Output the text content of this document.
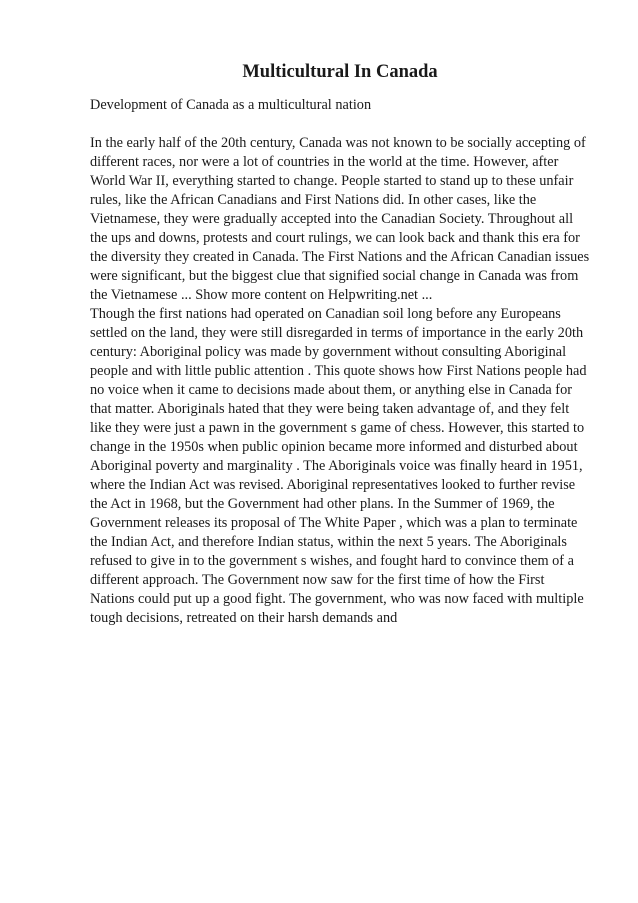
Multicultural In Canada

Development of Canada as a multicultural nation

In the early half of the 20th century, Canada was not known to be socially accepting of different races, nor were a lot of countries in the world at the time. However, after World War II, everything started to change. People started to stand up to these unfair rules, like the African Canadians and First Nations did. In other cases, like the Vietnamese, they were gradually accepted into the Canadian Society. Throughout all the ups and downs, protests and court rulings, we can look back and thank this era for the diversity they created in Canada. The First Nations and the African Canadian issues were significant, but the biggest clue that signified social change in Canada was from the Vietnamese ... Show more content on Helpwriting.net ...

Though the first nations had operated on Canadian soil long before any Europeans settled on the land, they were still disregarded in terms of importance in the early 20th century: Aboriginal policy was made by government without consulting Aboriginal people and with little public attention . This quote shows how First Nations people had no voice when it came to decisions made about them, or anything else in Canada for that matter. Aboriginals hated that they were being taken advantage of, and they felt like they were just a pawn in the government s game of chess. However, this started to change in the 1950s when public opinion became more informed and disturbed about Aboriginal poverty and marginality . The Aboriginals voice was finally heard in 1951, where the Indian Act was revised. Aboriginal representatives looked to further revise the Act in 1968, but the Government had other plans. In the Summer of 1969, the Government releases its proposal of The White Paper , which was a plan to terminate the Indian Act, and therefore Indian status, within the next 5 years. The Aboriginals refused to give in to the government s wishes, and fought hard to convince them of a different approach. The Government now saw for the first time of how the First Nations could put up a good fight. The government, who was now faced with multiple tough decisions, retreated on their harsh demands and
